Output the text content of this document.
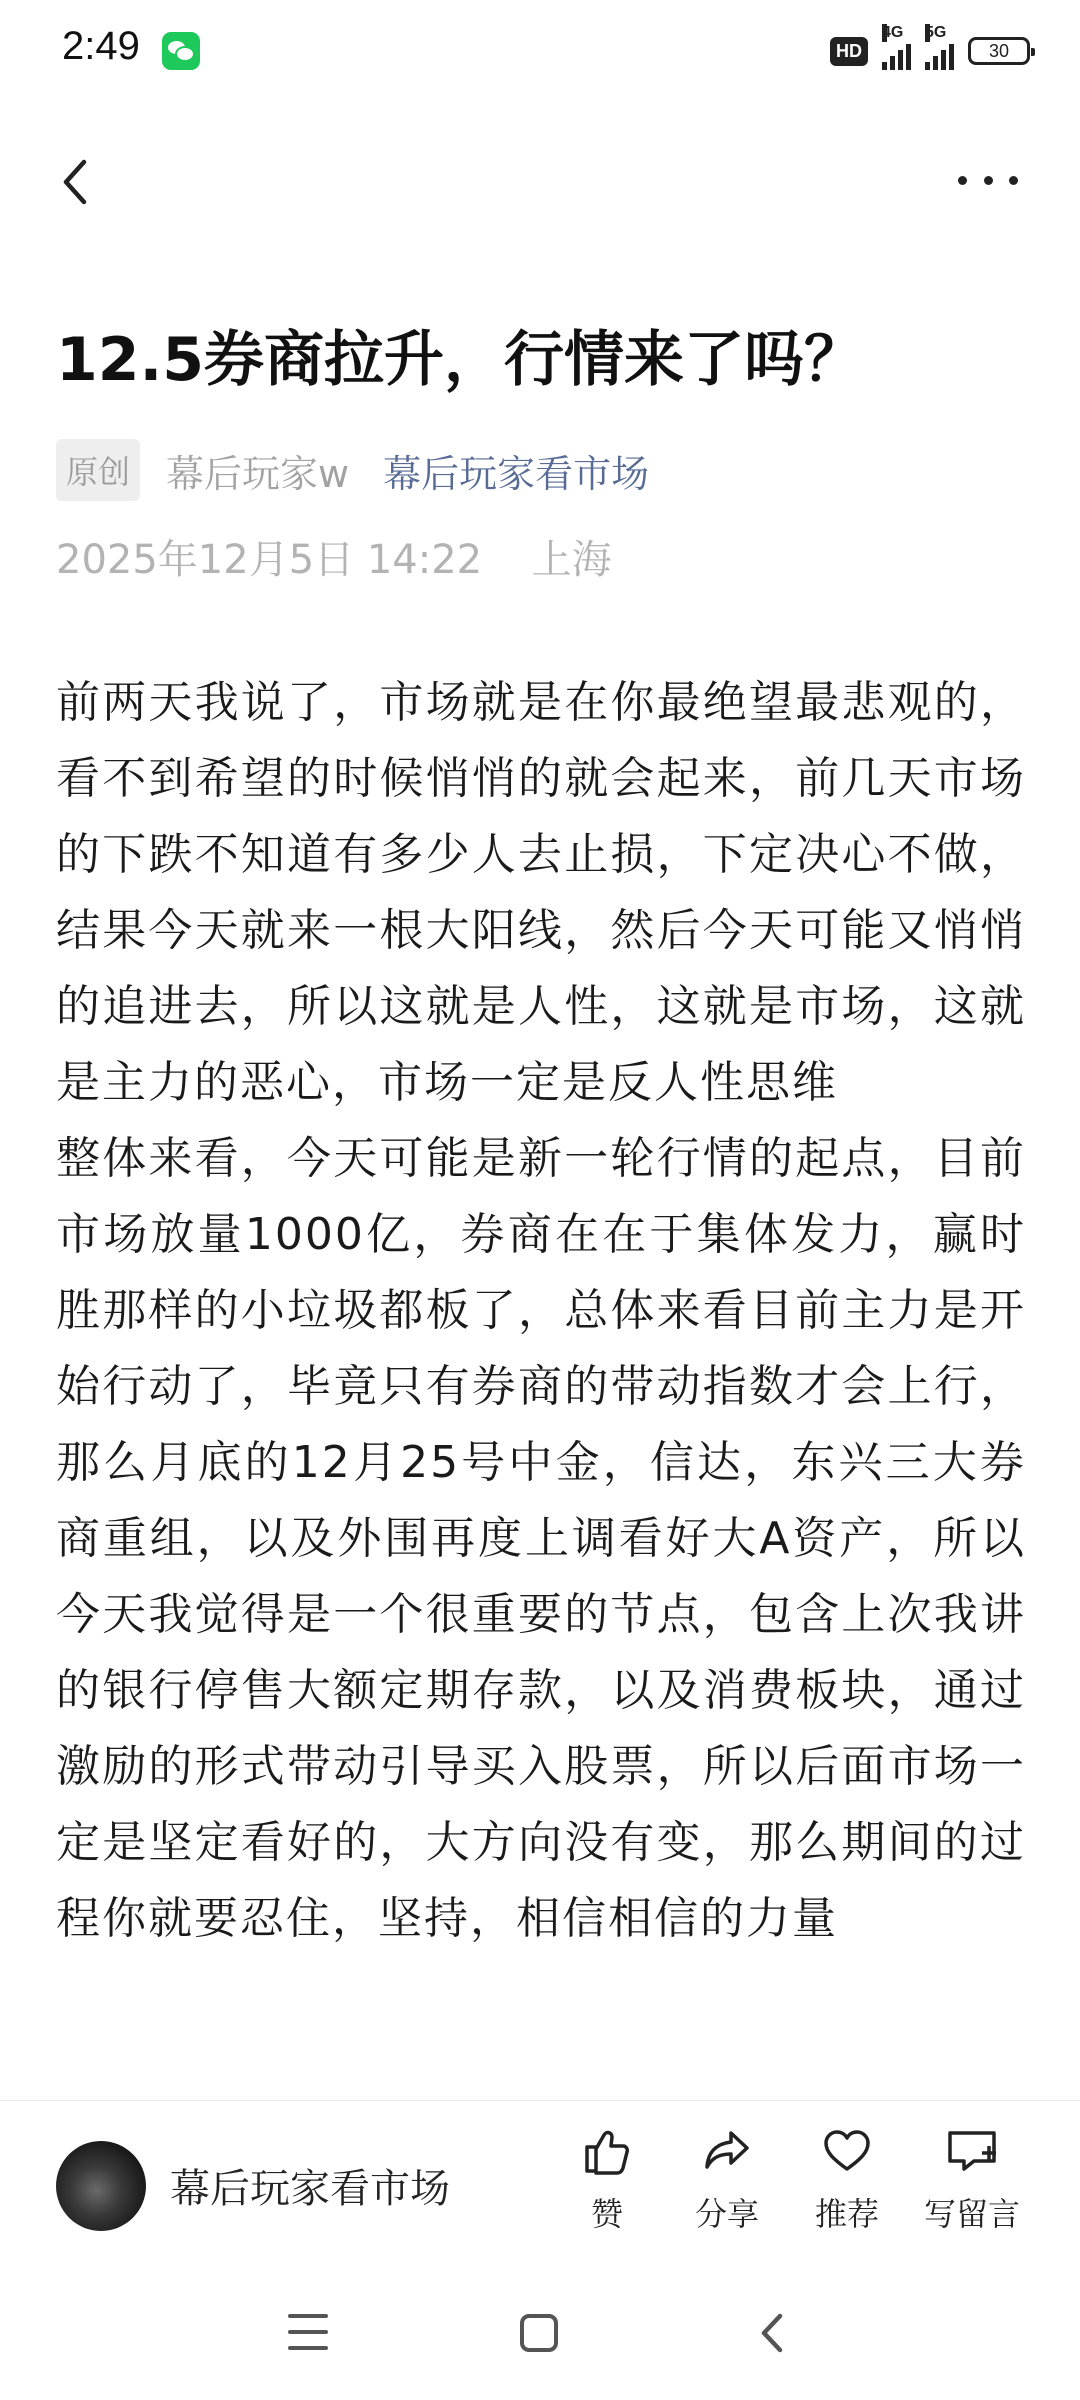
2:49	HD
4G 5G
30
12.5券商拉升，行情来了吗？
原创 幕后玩家w 幕后玩家看市场
2025年12月5日 14:22 上海

前两天我说了，市场就是在你最绝望最悲观的，看不到希望的时候悄悄的就会起来，前几天市场的下跌不知道有多少人去止损，下定决心不做，结果今天就来一根大阳线，然后今天可能又悄悄的追进去，所以这就是人性，这就是市场，这就是主力的恶心，市场一定是反人性思维

整体来看，今天可能是新一轮行情的起点，目前市场放量1000亿，券商在在于集体发力，赢时胜那样的小垃圾都板了，总体来看目前主力是开始行动了，毕竟只有券商的带动指数才会上行，那么月底的12月25号中金，信达，东兴三大券商重组，以及外围再度上调看好大A资产，所以今天我觉得是一个很重要的节点，包含上次我讲的银行停售大额定期存款，以及消费板块，通过激励的形式带动引导买入股票，所以后面市场一定是坚定看好的，大方向没有变，那么期间的过程你就要忍住，坚持，相信相信的力量

幕后玩家看市场
赞	分享	推荐	写留言
